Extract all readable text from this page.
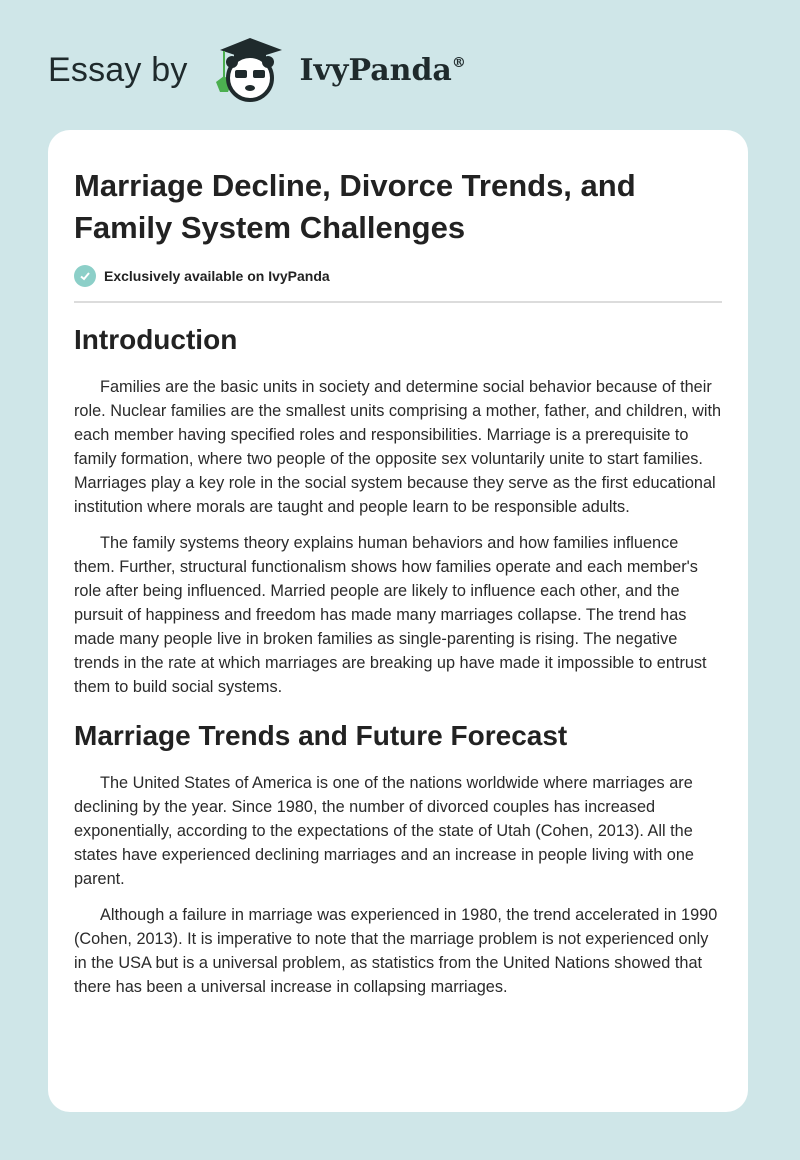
Essay by	IvyPanda®
Marriage Decline, Divorce Trends, and Family System Challenges
Exclusively available on IvyPanda
Introduction

Families are the basic units in society and determine social behavior because of their role. Nuclear families are the smallest units comprising a mother, father, and children, with each member having specified roles and responsibilities. Marriage is a prerequisite to family formation, where two people of the opposite sex voluntarily unite to start families. Marriages play a key role in the social system because they serve as the first educational institution where morals are taught and people learn to be responsible adults.

The family systems theory explains human behaviors and how families influence them. Further, structural functionalism shows how families operate and each member's role after being influenced. Married people are likely to influence each other, and the pursuit of happiness and freedom has made many marriages collapse. The trend has made many people live in broken families as single-parenting is rising. The negative trends in the rate at which marriages are breaking up have made it impossible to entrust them to build social systems.

Marriage Trends and Future Forecast

The United States of America is one of the nations worldwide where marriages are declining by the year. Since 1980, the number of divorced couples has increased exponentially, according to the expectations of the state of Utah (Cohen, 2013). All the states have experienced declining marriages and an increase in people living with one parent.

Although a failure in marriage was experienced in 1980, the trend accelerated in 1990 (Cohen, 2013). It is imperative to note that the marriage problem is not experienced only in the USA but is a universal problem, as statistics from the United Nations showed that there has been a universal increase in collapsing marriages.
